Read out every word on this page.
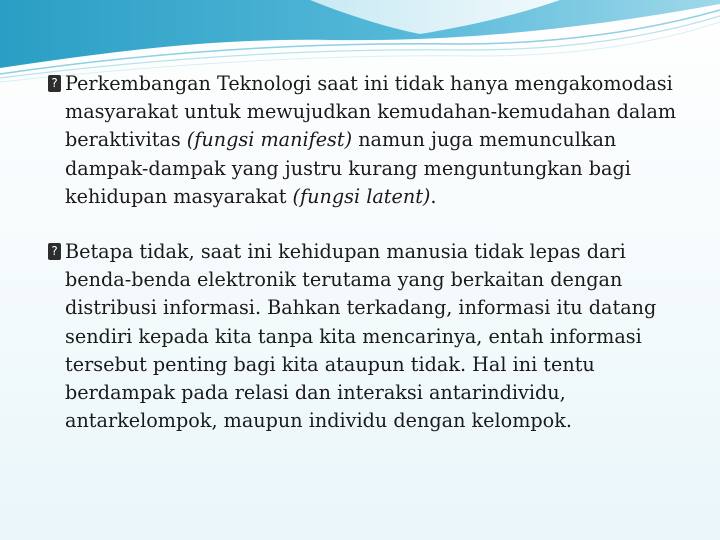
? Perkembangan Teknologi saat ini tidak hanya mengakomodasi masyarakat untuk mewujudkan kemudahan-kemudahan dalam beraktivitas (fungsi manifest) namun juga memunculkan dampak-dampak yang justru kurang menguntungkan bagi kehidupan masyarakat (fungsi latent).

? Betapa tidak, saat ini kehidupan manusia tidak lepas dari benda-benda elektronik terutama yang berkaitan dengan distribusi informasi. Bahkan terkadang, informasi itu datang sendiri kepada kita tanpa kita mencarinya, entah informasi tersebut penting bagi kita ataupun tidak. Hal ini tentu berdampak pada relasi dan interaksi antarindividu, antarkelompok, maupun individu dengan kelompok.
